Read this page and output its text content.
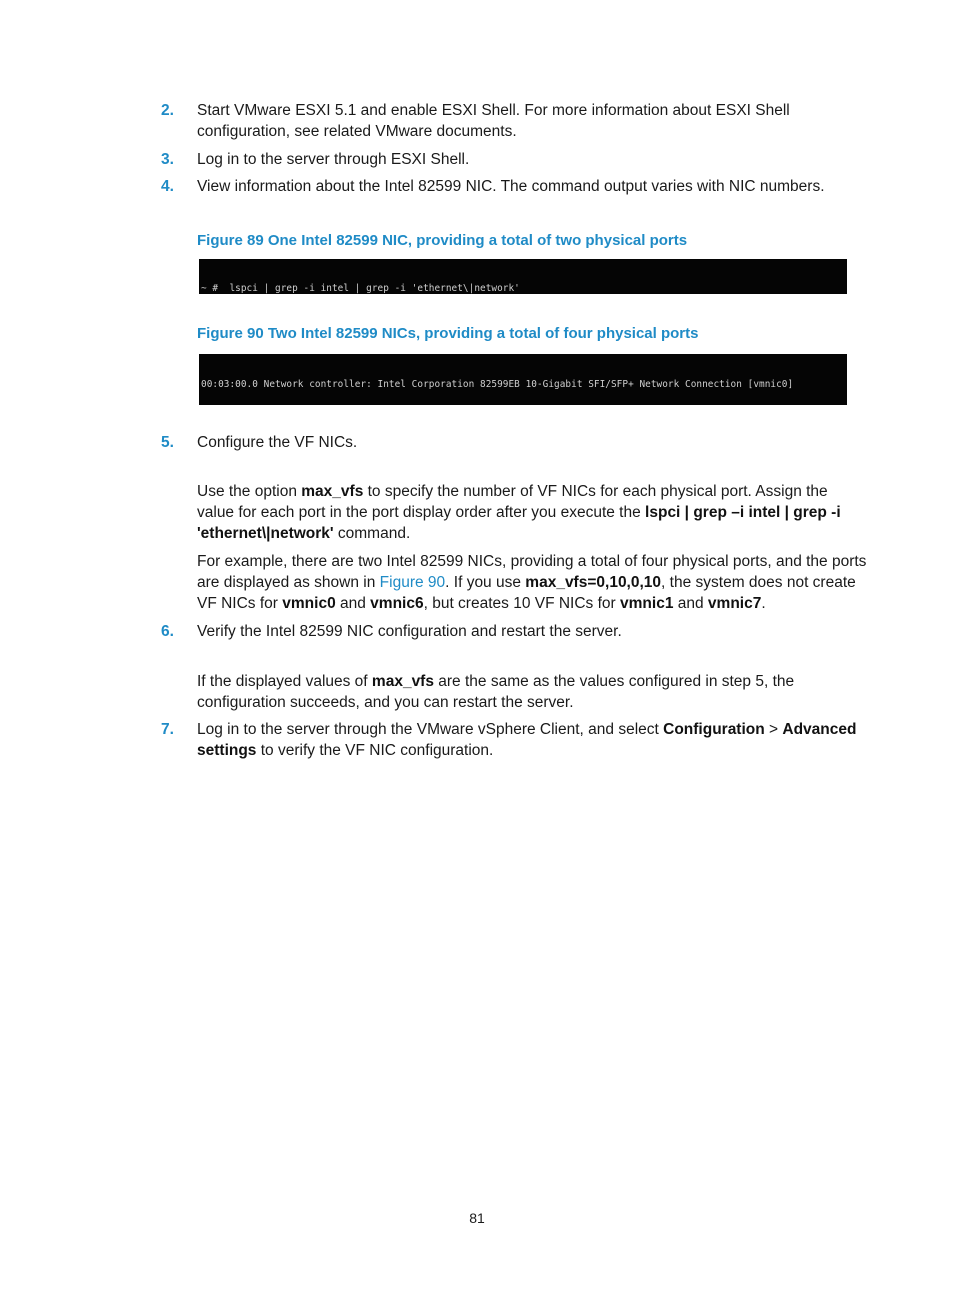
2.	Start VMware ESXI 5.1 and enable ESXI Shell. For more information about ESXI Shell configuration, see related VMware documents.
3.	Log in to the server through ESXI Shell.
4.	View information about the Intel 82599 NIC. The command output varies with NIC numbers.
Figure 89 One Intel 82599 NIC, providing a total of two physical ports

~ #  lspci | grep -i intel | grep -i 'ethernet\|network'

Figure 90 Two Intel 82599 NICs, providing a total of four physical ports

00:03:00.0 Network controller: Intel Corporation 82599EB 10-Gigabit SFI/SFP+ Network Connection [vmnic0]

5.	Configure the VF NICs.
Use the option max_vfs to specify the number of VF NICs for each physical port. Assign the value for each port in the port display order after you execute the lspci | grep –i intel | grep -i 'ethernet\|network' command.
For example, there are two Intel 82599 NICs, providing a total of four physical ports, and the ports are displayed as shown in Figure 90. If you use max_vfs=0,10,0,10, the system does not create VF NICs for vmnic0 and vmnic6, but creates 10 VF NICs for vmnic1 and vmnic7.
6.	Verify the Intel 82599 NIC configuration and restart the server.
If the displayed values of max_vfs are the same as the values configured in step 5, the configuration succeeds, and you can restart the server.
7.	Log in to the server through the VMware vSphere Client, and select Configuration > Advanced settings to verify the VF NIC configuration.
81
